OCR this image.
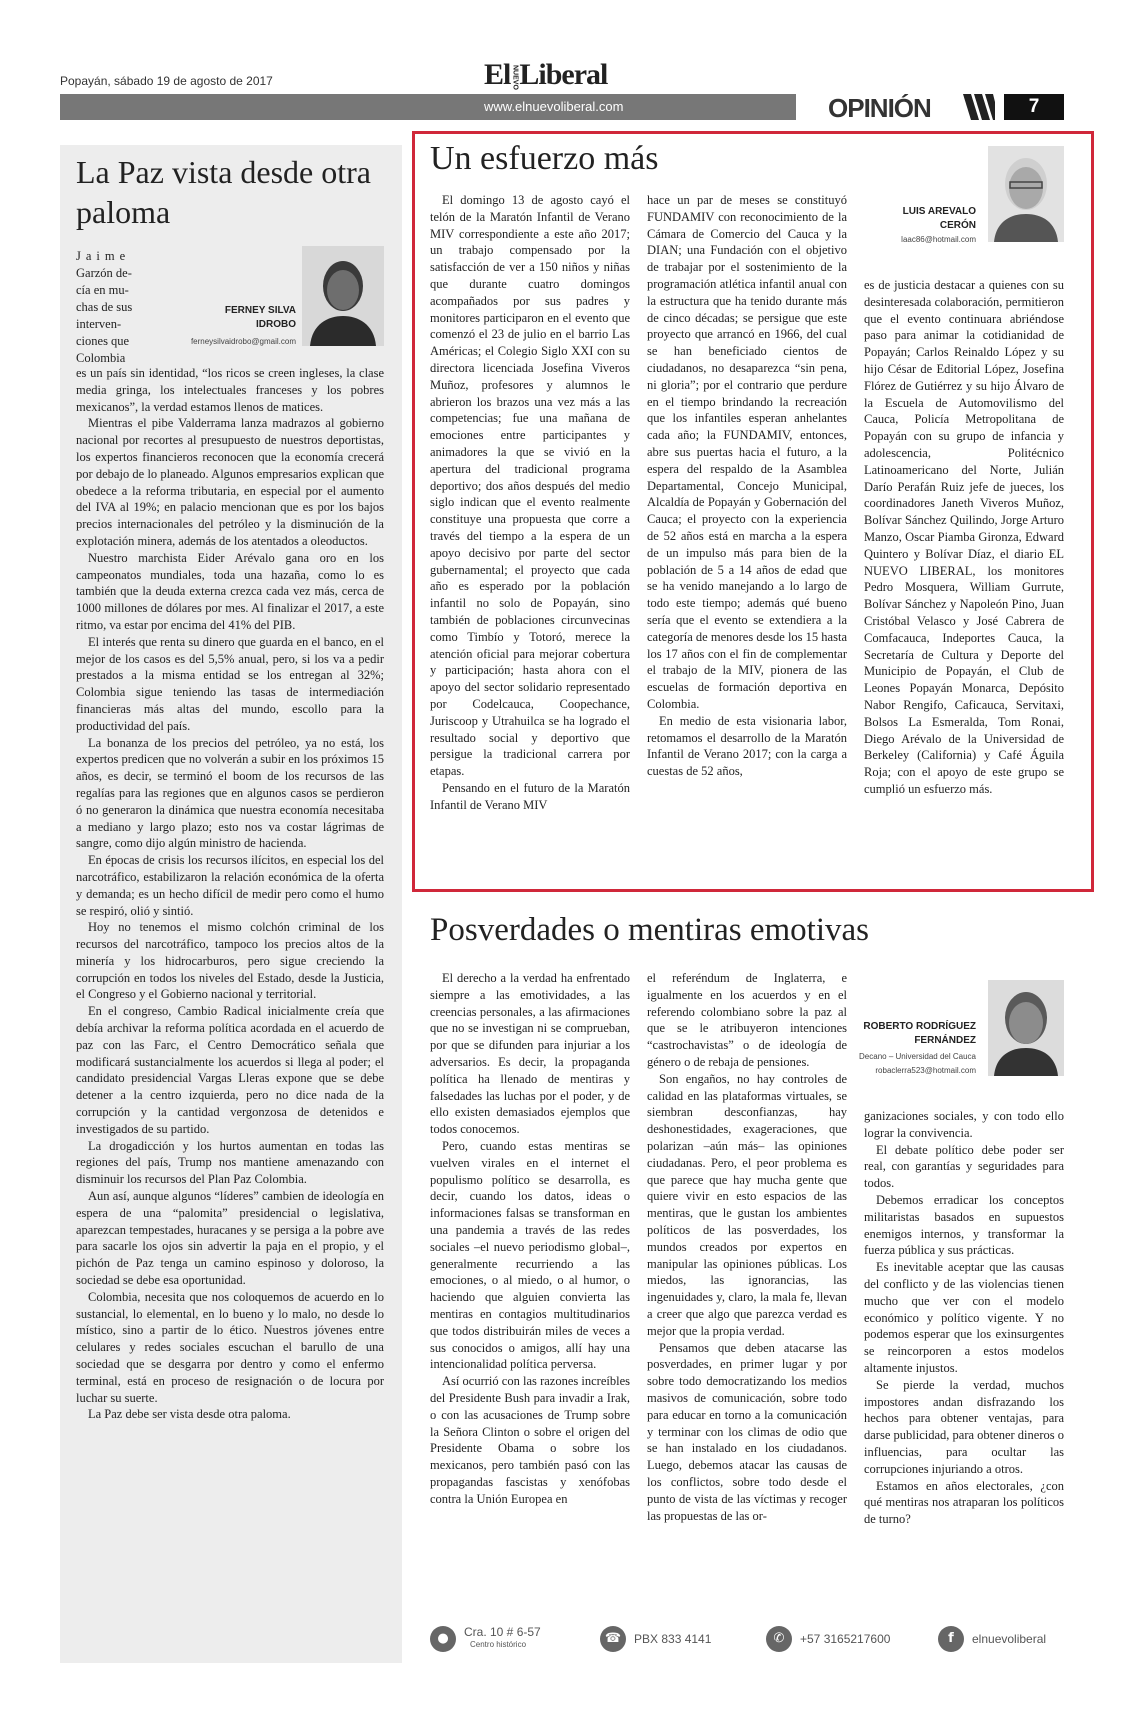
Popayán, sábado 19 de agosto de 2017	ElNUEVOLiberal
www.elnuevoliberal.com	OPINIÓN	7
La Paz vista desde otra paloma
FERNEY SILVA IDROBO
ferneysilvaidrobo@gmail.com
Jaime
Garzón de-
cía en mu-
chas de sus
interven-
ciones que
Colombia

es un país sin identidad, “los ricos se creen ingleses, la clase media gringa, los intelectuales franceses y los pobres mexicanos”, la verdad estamos llenos de matices.

Mientras el pibe Valderrama lanza madrazos al gobierno nacional por recortes al presupuesto de nuestros deportistas, los expertos financieros reconocen que la economía crecerá por debajo de lo planeado. Algunos empresarios explican que obedece a la reforma tributaria, en especial por el aumento del IVA al 19%; en palacio mencionan que es por los bajos precios internacionales del petróleo y la disminución de la explotación minera, además de los atentados a oleoductos.

Nuestro marchista Eider Arévalo gana oro en los campeonatos mundiales, toda una hazaña, como lo es también que la deuda externa crezca cada vez más, cerca de 1000 millones de dólares por mes. Al finalizar el 2017, a este ritmo, va estar por encima del 41% del PIB.

El interés que renta su dinero que guarda en el banco, en el mejor de los casos es del 5,5% anual, pero, si los va a pedir prestados a la misma entidad se los entregan al 32%; Colombia sigue teniendo las tasas de intermediación financieras más altas del mundo, escollo para la productividad del país.

La bonanza de los precios del petróleo, ya no está, los expertos predicen que no volverán a subir en los próximos 15 años, es decir, se terminó el boom de los recursos de las regalías para las regiones que en algunos casos se perdieron ó no generaron la dinámica que nuestra economía necesitaba a mediano y largo plazo; esto nos va costar lágrimas de sangre, como dijo algún ministro de hacienda.

En épocas de crisis los recursos ilícitos, en especial los del narcotráfico, estabilizaron la relación económica de la oferta y demanda; es un hecho difícil de medir pero como el humo se respiró, olió y sintió.

Hoy no tenemos el mismo colchón criminal de los recursos del narcotráfico, tampoco los precios altos de la minería y los hidrocarburos, pero sigue creciendo la corrupción en todos los niveles del Estado, desde la Justicia, el Congreso y el Gobierno nacional y territorial.

En el congreso, Cambio Radical inicialmente creía que debía archivar la reforma política acordada en el acuerdo de paz con las Farc, el Centro Democrático señala que modificará sustancialmente los acuerdos si llega al poder; el candidato presidencial Vargas Lleras expone que se debe detener a la centro izquierda, pero no dice nada de la corrupción y la cantidad vergonzosa de detenidos e investigados de su partido.

La drogadicción y los hurtos aumentan en todas las regiones del país, Trump nos mantiene amenazando con disminuir los recursos del Plan Paz Colombia.

Aun así, aunque algunos “líderes” cambien de ideología en espera de una “palomita” presidencial o legislativa, aparezcan tempestades, huracanes y se persiga a la pobre ave para sacarle los ojos sin advertir la paja en el propio, y el pichón de Paz tenga un camino espinoso y doloroso, la sociedad se debe esa oportunidad.

Colombia, necesita que nos coloquemos de acuerdo en lo sustancial, lo elemental, en lo bueno y lo malo, no desde lo místico, sino a partir de lo ético. Nuestros jóvenes entre celulares y redes sociales escuchan el barullo de una sociedad que se desgarra por dentro y como el enfermo terminal, está en proceso de resignación o de locura por luchar su suerte.

La Paz debe ser vista desde otra paloma.

Un esfuerzo más
LUIS AREVALO CERÓN
laac86@hotmail.com

El domingo 13 de agosto cayó el telón de la Maratón Infantil de Verano MIV correspondiente a este año 2017; un trabajo compensado por la satisfacción de ver a 150 niños y niñas que durante cuatro domingos acompañados por sus padres y monitores participaron en el evento que comenzó el 23 de julio en el barrio Las Américas; el Colegio Siglo XXI con su directora licenciada Josefina Viveros Muñoz, profesores y alumnos le abrieron los brazos una vez más a las competencias; fue una mañana de emociones entre participantes y animadores la que se vivió en la apertura del tradicional programa deportivo; dos años después del medio siglo indican que el evento realmente constituye una propuesta que corre a través del tiempo a la espera de un apoyo decisivo por parte del sector gubernamental; el proyecto que cada año es esperado por la población infantil no solo de Popayán, sino también de poblaciones circunvecinas como Timbío y Totoró, merece la atención oficial para mejorar cobertura y participación; hasta ahora con el apoyo del sector solidario representado por Codelcauca, Coopechance, Juriscoop y Utrahuilca se ha logrado el resultado social y deportivo que persigue la tradicional carrera por etapas.

Pensando en el futuro de la Maratón Infantil de Verano MIV

hace un par de meses se constituyó FUNDAMIV con reconocimiento de la Cámara de Comercio del Cauca y la DIAN; una Fundación con el objetivo de trabajar por el sostenimiento de la programación atlética infantil anual con la estructura que ha tenido durante más de cinco décadas; se persigue que este proyecto que arrancó en 1966, del cual se han beneficiado cientos de ciudadanos, no desaparezca “sin pena, ni gloria”; por el contrario que perdure en el tiempo brindando la recreación que los infantiles esperan anhelantes cada año; la FUNDAMIV, entonces, abre sus puertas hacia el futuro, a la espera del respaldo de la Asamblea Departamental, Concejo Municipal, Alcaldía de Popayán y Gobernación del Cauca; el proyecto con la experiencia de 52 años está en marcha a la espera de un impulso más para bien de la población de 5 a 14 años de edad que se ha venido manejando a lo largo de todo este tiempo; además qué bueno sería que el evento se extendiera a la categoría de menores desde los 15 hasta los 17 años con el fin de complementar el trabajo de la MIV, pionera de las escuelas de formación deportiva en Colombia.

En medio de esta visionaria labor, retomamos el desarrollo de la Maratón Infantil de Verano 2017; con la carga a cuestas de 52 años,

es de justicia destacar a quienes con su desinteresada colaboración, permitieron que el evento continuara abriéndose paso para animar la cotidianidad de Popayán; Carlos Reinaldo López y su hijo César de Editorial López, Josefina Flórez de Gutiérrez y su hijo Álvaro de la Escuela de Automovilismo del Cauca, Policía Metropolitana de Popayán con su grupo de infancia y adolescencia, Politécnico Latinoamericano del Norte, Julián Darío Perafán Ruiz jefe de jueces, los coordinadores Janeth Viveros Muñoz, Bolívar Sánchez Quilindo, Jorge Arturo Manzo, Oscar Piamba Gironza, Edward Quintero y Bolívar Díaz, el diario EL NUEVO LIBERAL, los monitores Pedro Mosquera, William Gurrute, Bolívar Sánchez y Napoleón Pino, Juan Cristóbal Velasco y José Cabrera de Comfacauca, Indeportes Cauca, la Secretaría de Cultura y Deporte del Municipio de Popayán, el Club de Leones Popayán Monarca, Depósito Nabor Rengifo, Caficauca, Servitaxi, Bolsos La Esmeralda, Tom Ronai, Diego Arévalo de la Universidad de Berkeley (California) y Café Águila Roja; con el apoyo de este grupo se cumplió un esfuerzo más.

Posverdades o mentiras emotivas
ROBERTO RODRÍGUEZ FERNÁNDEZ
Decano – Universidad del Cauca
robaclerra523@hotmail.com

El derecho a la verdad ha enfrentado siempre a las emotividades, a las creencias personales, a las afirmaciones que no se investigan ni se comprueban, por que se difunden para injuriar a los adversarios. Es decir, la propaganda política ha llenado de mentiras y falsedades las luchas por el poder, y de ello existen demasiados ejemplos que todos conocemos.

Pero, cuando estas mentiras se vuelven virales en el internet el populismo político se desarrolla, es decir, cuando los datos, ideas o informaciones falsas se transforman en una pandemia a través de las redes sociales –el nuevo periodismo global–, generalmente recurriendo a las emociones, o al miedo, o al humor, o haciendo que alguien convierta las mentiras en contagios multitudinarios que todos distribuirán miles de veces a sus conocidos o amigos, allí hay una intencionalidad política perversa.

Así ocurrió con las razones increíbles del Presidente Bush para invadir a Irak, o con las acusaciones de Trump sobre la Señora Clinton o sobre el origen del Presidente Obama o sobre los mexicanos, pero también pasó con las propagandas fascistas y xenófobas contra la Unión Europea en

el referéndum de Inglaterra, e igualmente en los acuerdos y en el referendo colombiano sobre la paz al que se le atribuyeron intenciones “castrochavistas” o de ideología de género o de rebaja de pensiones.

Son engaños, no hay controles de calidad en las plataformas virtuales, se siembran desconfianzas, hay deshonestidades, exageraciones, que polarizan –aún más– las opiniones ciudadanas. Pero, el peor problema es que parece que hay mucha gente que quiere vivir en esto espacios de las mentiras, que le gustan los ambientes políticos de las posverdades, los mundos creados por expertos en manipular las opiniones públicas. Los miedos, las ignorancias, las ingenuidades y, claro, la mala fe, llevan a creer que algo que parezca verdad es mejor que la propia verdad.

Pensamos que deben atacarse las posverdades, en primer lugar y por sobre todo democratizando los medios masivos de comunicación, sobre todo para educar en torno a la comunicación y terminar con los climas de odio que se han instalado en los ciudadanos. Luego, debemos atacar las causas de los conflictos, sobre todo desde el punto de vista de las víctimas y recoger las propuestas de las or-

ganizaciones sociales, y con todo ello lograr la convivencia.

El debate político debe poder ser real, con garantías y seguridades para todos.

Debemos erradicar los conceptos militaristas basados en supuestos enemigos internos, y transformar la fuerza pública y sus prácticas.

Es inevitable aceptar que las causas del conflicto y de las violencias tienen mucho que ver con el modelo económico y político vigente. Y no podemos esperar que los exinsurgentes se reincorporen a estos modelos altamente injustos.

Se pierde la verdad, muchos impostores andan disfrazando los hechos para obtener ventajas, para darse publicidad, para obtener dineros o influencias, para ocultar las corrupciones injuriando a otros.

Estamos en años electorales, ¿con qué mentiras nos atraparan los políticos de turno?

●	Cra. 10 # 6-57
Centro histórico	☎	PBX 833 4141	✆	+57 3165217600	f	elnuevoliberal
